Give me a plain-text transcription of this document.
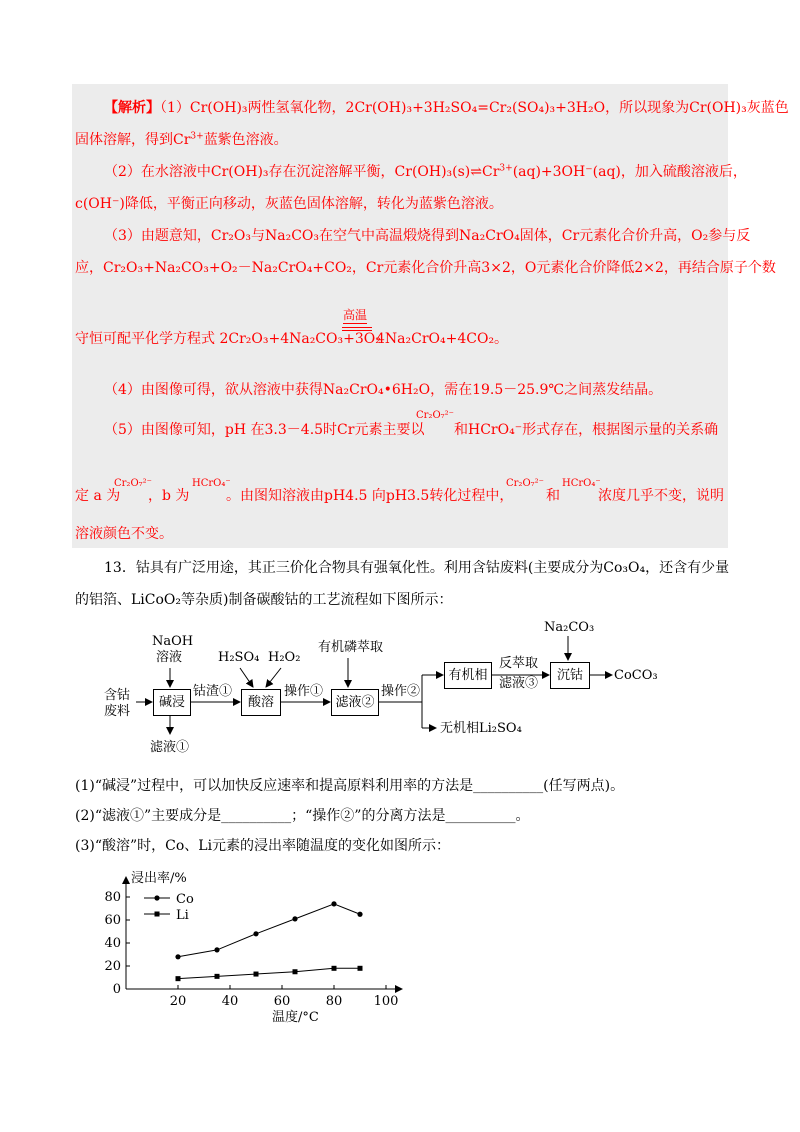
【解析】（1）Cr(OH)₃两性氢氧化物，2Cr(OH)₃+3H₂SO₄=Cr₂(SO₄)₃+3H₂O，所以现象为Cr(OH)₃灰蓝色
固体溶解，得到$Cr^{3+}$蓝紫色溶液。
（2）在水溶液中Cr(OH)₃存在沉淀溶解平衡，$Cr(OH)_3(s)\rightleftharpoons Cr^{3+}(aq)+3OH^-(aq)$，加入硫酸溶液后，
c(OH⁻)降低，平衡正向移动，灰蓝色固体溶解，转化为蓝紫色溶液。
（3）由题意知，Cr₂O₃与Na₂CO₃在空气中高温煅烧得到Na₂CrO₄固体，Cr元素化合价升高，O₂参与反
应，Cr₂O₃+Na₂CO₃+O₂－Na₂CrO₄+CO₂，Cr元素化合价升高3×2，O元素化合价降低2×2，再结合原子个数
高温
守恒可配平化学方程式 2Cr₂O₃+4Na₂CO₃+3O₂
4Na₂CrO₄+4CO₂。
（4）由图像可得，欲从溶液中获得Na₂CrO₄•6H₂O，需在19.5－25.9℃之间蒸发结晶。
Cr₂O₇²⁻
（5）由图像可知，pH 在3.3－4.5时Cr元素主要以 和HCrO₄⁻形式存在，根据图示量的关系确
Cr₂O₇²⁻	HCrO₄⁻	Cr₂O₇²⁻ HCrO₄⁻
定 a 为 ，b 为	。由图知溶液由pH4.5 向pH3.5转化过程中， 和	浓度几乎不变，说明
溶液颜色不变。
13．钴具有广泛用途，其正三价化合物具有强氧化性。利用含钴废料(主要成分为Co₃O₄，还含有少量
的铝箔、LiCoO₂等杂质)制备碳酸钴的工艺流程如下图所示：
含钴
废料
NaOH
溶液
碱浸
钴渣①
滤液①
H₂SO₄ H₂O₂
酸溶
操作①
有机磷萃取
滤液②
操作②
有机相
反萃取
滤液③
Na₂CO₃
沉钴	CoCO₃
无机相Li₂SO₄
(1)“碱浸”过程中，可以加快反应速率和提高原料利用率的方法是__________(任写两点)。
(2)“滤液①”主要成分是__________；“操作②”的分离方法是__________。
(3)“酸溶”时，Co、Li元素的浸出率随温度的变化如图所示：
20	40	60	80 100
0
20
40
60
80
浸出率/%
温度/°C
Co
Li
